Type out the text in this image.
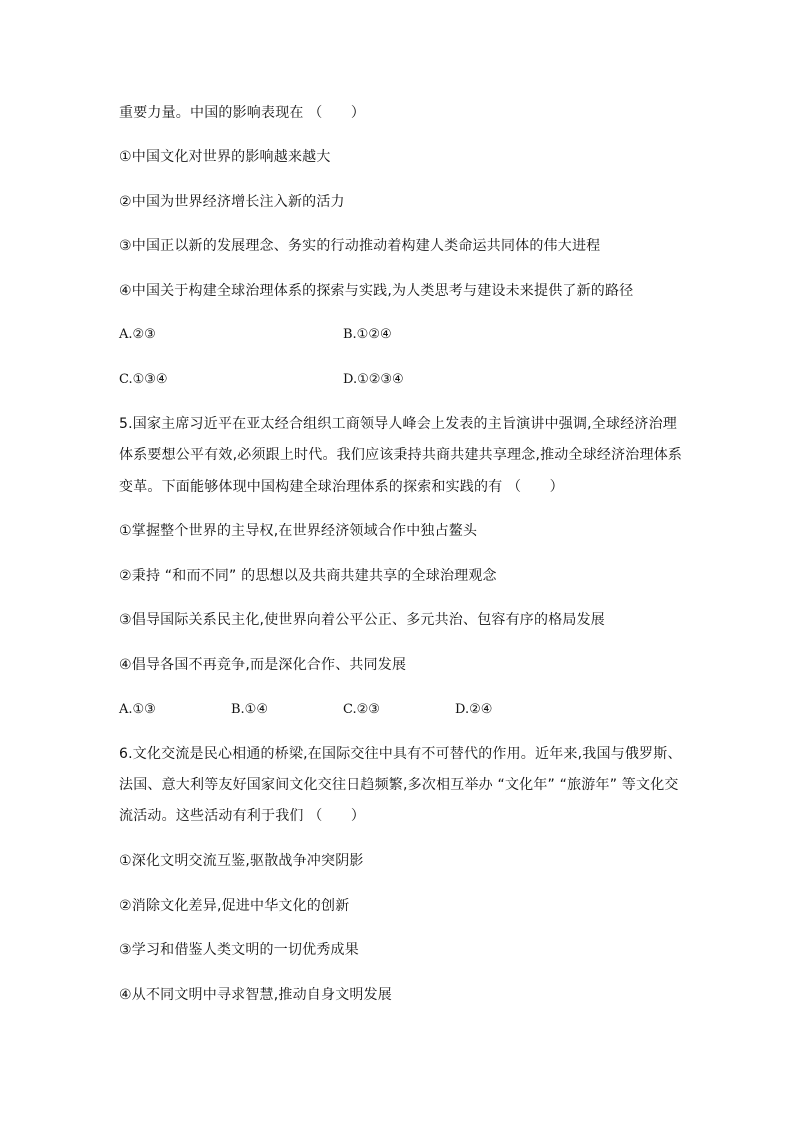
重要力量。中国的影响表现在 （　　）
①中国文化对世界的影响越来越大
②中国为世界经济增长注入新的活力
③中国正以新的发展理念、务实的行动推动着构建人类命运共同体的伟大进程
④中国关于构建全球治理体系的探索与实践,为人类思考与建设未来提供了新的路径
A.②③	B.①②④
C.①③④	D.①②③④
5.国家主席习近平在亚太经合组织工商领导人峰会上发表的主旨演讲中强调,全球经济治理
体系要想公平有效,必须跟上时代。我们应该秉持共商共建共享理念,推动全球经济治理体系
变革。下面能够体现中国构建全球治理体系的探索和实践的有 （　　）
①掌握整个世界的主导权,在世界经济领域合作中独占鳌头
②秉持 “和而不同” 的思想以及共商共建共享的全球治理观念
③倡导国际关系民主化,使世界向着公平公正、多元共治、包容有序的格局发展
④倡导各国不再竞争,而是深化合作、共同发展
A.①③	B.①④	C.②③	D.②④
6.文化交流是民心相通的桥梁,在国际交往中具有不可替代的作用。近年来,我国与俄罗斯、
法国、意大利等友好国家间文化交往日趋频繁,多次相互举办 “文化年” “旅游年” 等文化交
流活动。这些活动有利于我们 （　　）
①深化文明交流互鉴,驱散战争冲突阴影
②消除文化差异,促进中华文化的创新
③学习和借鉴人类文明的一切优秀成果
④从不同文明中寻求智慧,推动自身文明发展
